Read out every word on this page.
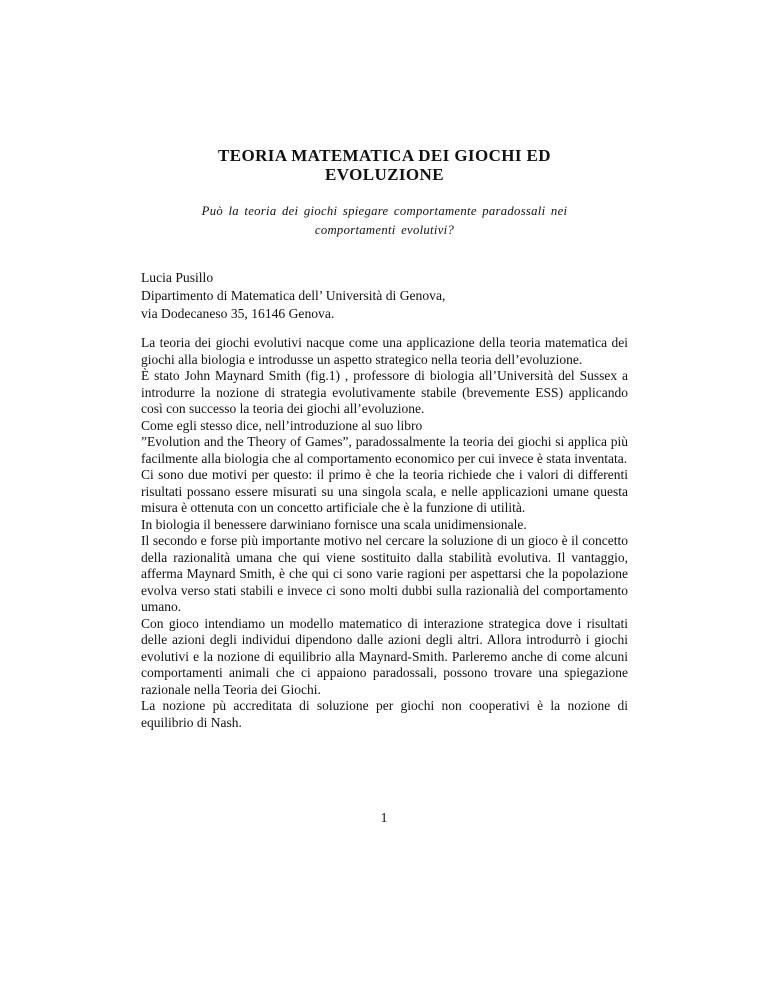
TEORIA MATEMATICA DEI GIOCHI ED
EVOLUZIONE
Può la teoria dei giochi spiegare comportamente paradossali nei
comportamenti evolutivi?
Lucia Pusillo
Dipartimento di Matematica dell’ Università di Genova,
via Dodecaneso 35, 16146 Genova.
La teoria dei giochi evolutivi nacque come una applicazione della teoria matematica dei giochi alla biologia e introdusse un aspetto strategico nella teoria dell’evoluzione.
È stato John Maynard Smith (fig.1) , professore di biologia all’Università del Sussex a introdurre la nozione di strategia evolutivamente stabile (brevemente ESS) applicando così con successo la teoria dei giochi all’evoluzione.
Come egli stesso dice, nell’introduzione al suo libro
”Evolution and the Theory of Games”, paradossalmente la teoria dei giochi si applica più facilmente alla biologia che al comportamento economico per cui invece è stata inventata.
Ci sono due motivi per questo: il primo è che la teoria richiede che i valori di differenti risultati possano essere misurati su una singola scala, e nelle applicazioni umane questa misura è ottenuta con un concetto artificiale che è la funzione di utilità.
In biologia il benessere darwiniano fornisce una scala unidimensionale.
Il secondo e forse più importante motivo nel cercare la soluzione di un gioco è il concetto della razionalità umana che qui viene sostituito dalla stabilità evolutiva. Il vantaggio, afferma Maynard Smith, è che qui ci sono varie ragioni per aspettarsi che la popolazione evolva verso stati stabili e invece ci sono molti dubbi sulla razionalià del comportamento umano.
Con gioco intendiamo un modello matematico di interazione strategica dove i risultati delle azioni degli individui dipendono dalle azioni degli altri. Allora introdurrò i giochi evolutivi e la nozione di equilibrio alla Maynard-Smith. Parleremo anche di come alcuni comportamenti animali che ci appaiono paradossali, possono trovare una spiegazione razionale nella Teoria dei Giochi.
La nozione pù accreditata di soluzione per giochi non cooperativi è la nozione di equilibrio di Nash.
1
